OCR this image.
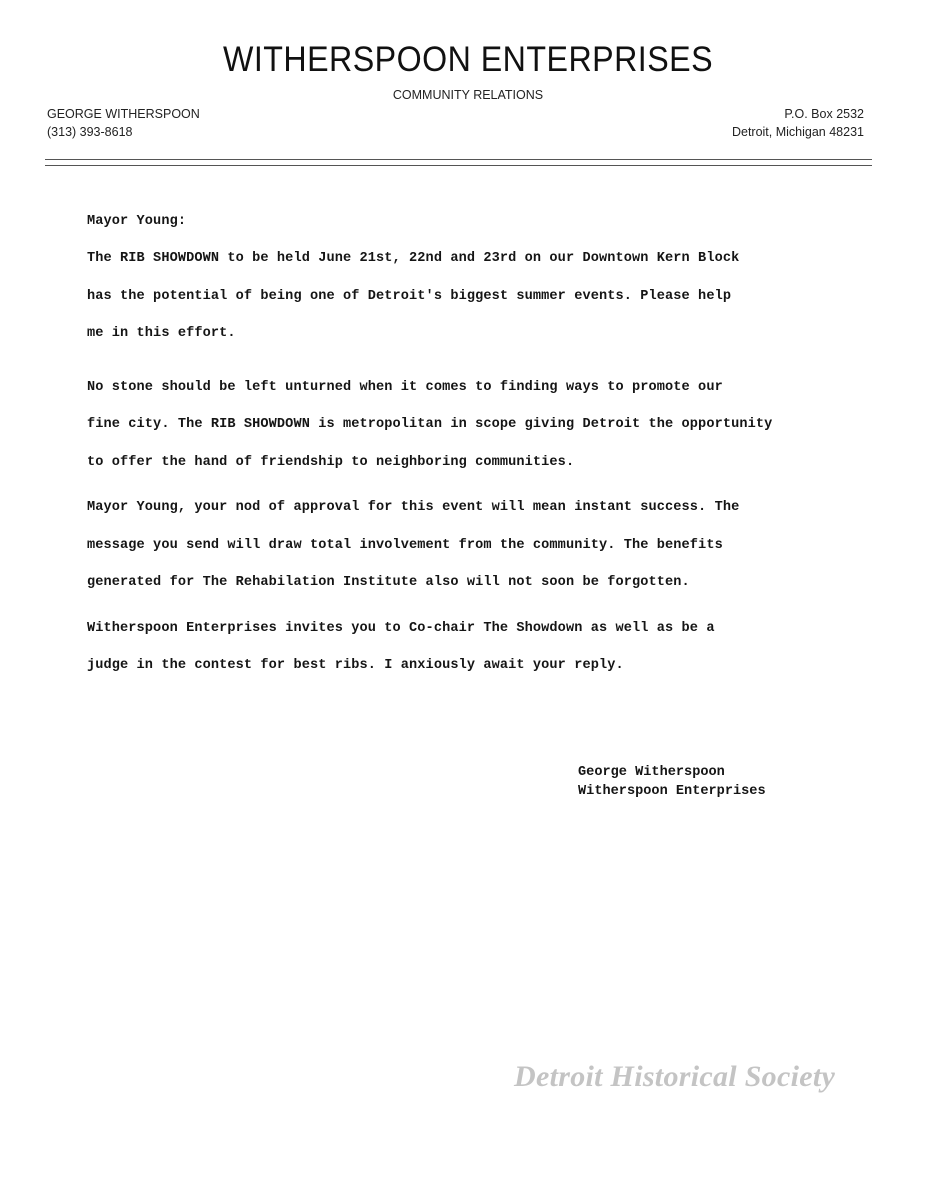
WITHERSPOON ENTERPRISES
COMMUNITY RELATIONS
GEORGE WITHERSPOON
(313) 393-8618
P.O. Box 2532
Detroit, Michigan 48231
Mayor Young:
The RIB SHOWDOWN to be held June 21st, 22nd and 23rd on our Downtown Kern Block
has the potential of being one of Detroit's biggest summer events. Please help
me in this effort.
No stone should be left unturned when it comes to finding ways to promote our
fine city. The RIB SHOWDOWN is metropolitan in scope giving Detroit the opportunity
to offer the hand of friendship to neighboring communities.
Mayor Young, your nod of approval for this event will mean instant success. The
message you send will draw total involvement from the community. The benefits
generated for The Rehabilation Institute also will not soon be forgotten.
Witherspoon Enterprises invites you to Co-chair The Showdown as well as be a
judge in the contest for best ribs. I anxiously await your reply.
George Witherspoon
Witherspoon Enterprises
Detroit Historical Society
